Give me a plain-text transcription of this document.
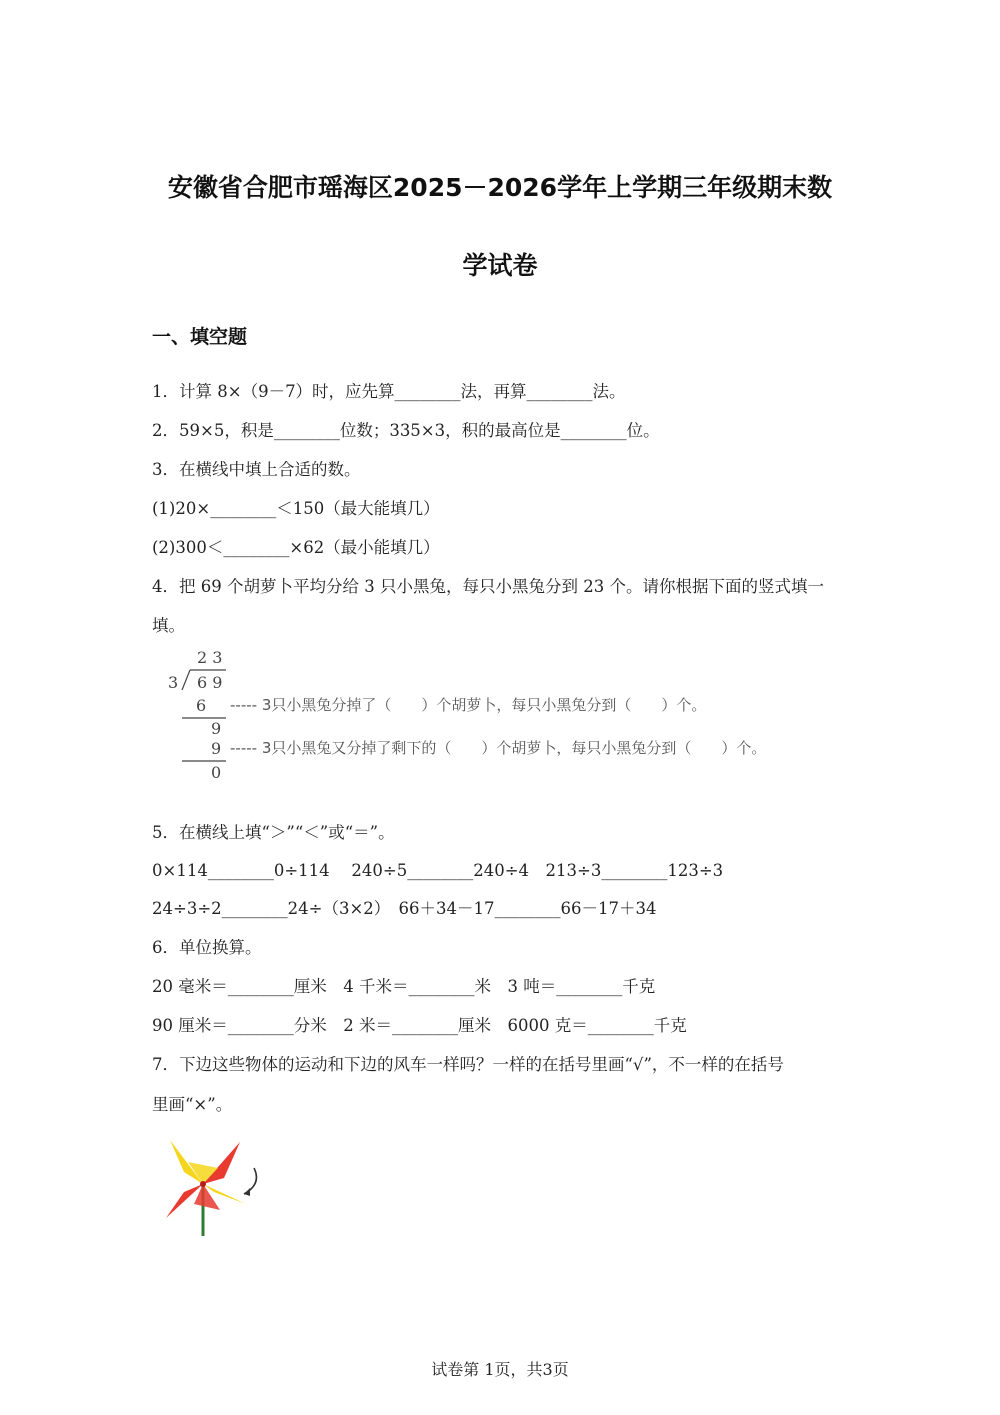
安徽省合肥市瑶海区2025－2026学年上学期三年级期末数
学试卷
一、填空题
1．计算 8×（9－7）时，应先算________法，再算________法。
2．59×5，积是________位数；335×3，积的最高位是________位。
3．在横线中填上合适的数。
(1)20×________＜150（最大能填几）
(2)300＜________×62（最小能填几）
4．把 69 个胡萝卜平均分给 3 只小黑兔，每只小黑兔分到 23 个。请你根据下面的竖式填一
填。
2 3
3 6 9
6
9
9
0
----- 3只小黑兔分掉了（　　）个胡萝卜，每只小黑兔分到（　　）个。
----- 3只小黑兔又分掉了剩下的（　　）个胡萝卜，每只小黑兔分到（　　）个。
5．在横线上填“＞”“＜”或“＝”。
0×114________0÷114　 240÷5________240÷4　213÷3________123÷3
24÷3÷2________24÷（3×2）　66＋34－17________66－17＋34
6．单位换算。
20 毫米＝________厘米　4 千米＝________米　3 吨＝________千克
90 厘米＝________分米　2 米＝________厘米　6000 克＝________千克
7．下边这些物体的运动和下边的风车一样吗？一样的在括号里画“√”，不一样的在括号
里画“×”。
试卷第 1页，共3页
